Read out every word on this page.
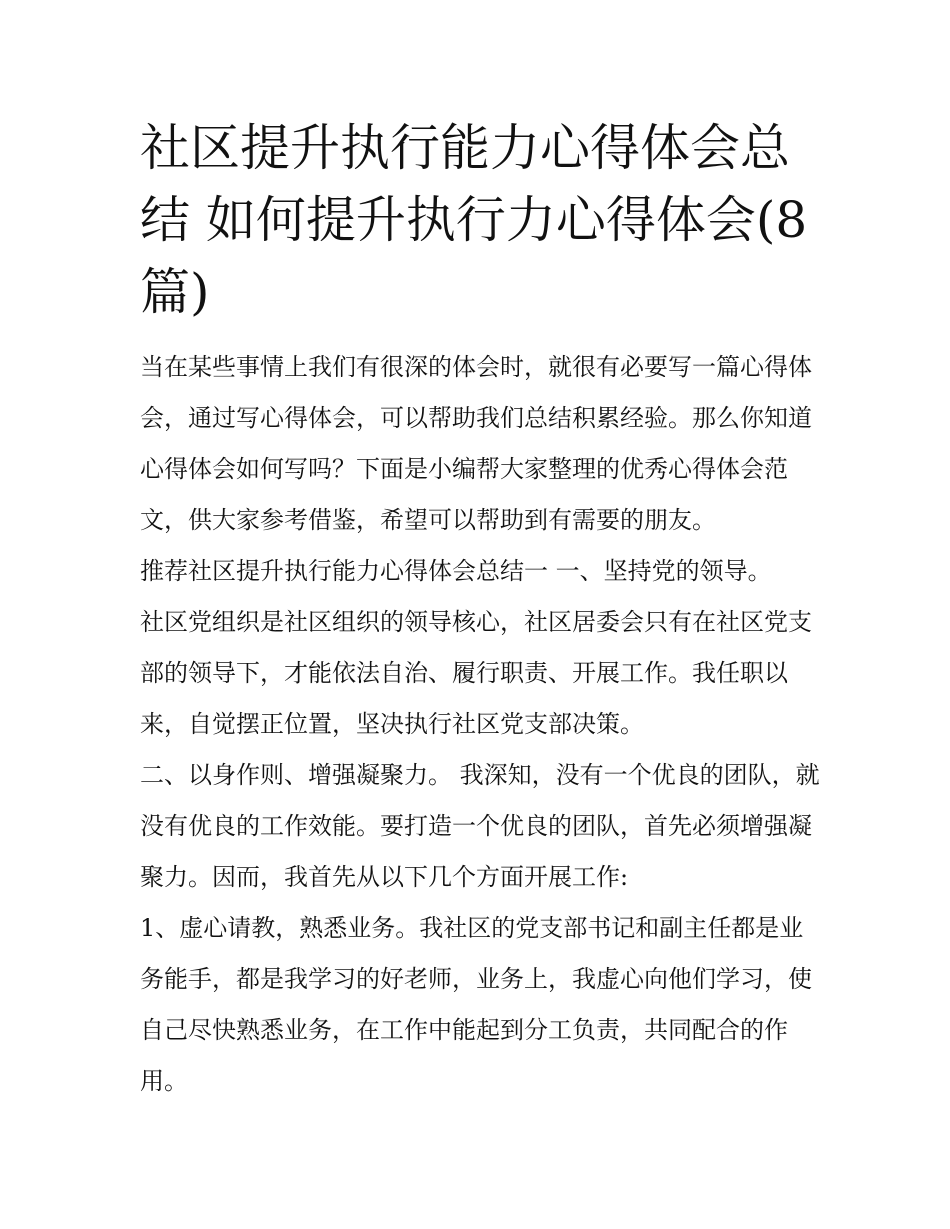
社区提升执行能力心得体会总结 如何提升执行力心得体会(8篇)

当在某些事情上我们有很深的体会时，就很有必要写一篇心得体会，通过写心得体会，可以帮助我们总结积累经验。那么你知道心得体会如何写吗？下面是小编帮大家整理的优秀心得体会范文，供大家参考借鉴，希望可以帮助到有需要的朋友。

推荐社区提升执行能力心得体会总结一 一、坚持党的领导。

社区党组织是社区组织的领导核心，社区居委会只有在社区党支部的领导下，才能依法自治、履行职责、开展工作。我任职以来，自觉摆正位置，坚决执行社区党支部决策。

二、以身作则、增强凝聚力。 我深知，没有一个优良的团队，就没有优良的工作效能。要打造一个优良的团队，首先必须增强凝聚力。因而，我首先从以下几个方面开展工作:

1、虚心请教，熟悉业务。我社区的党支部书记和副主任都是业务能手，都是我学习的好老师，业务上，我虚心向他们学习，使自己尽快熟悉业务，在工作中能起到分工负责，共同配合的作用。
